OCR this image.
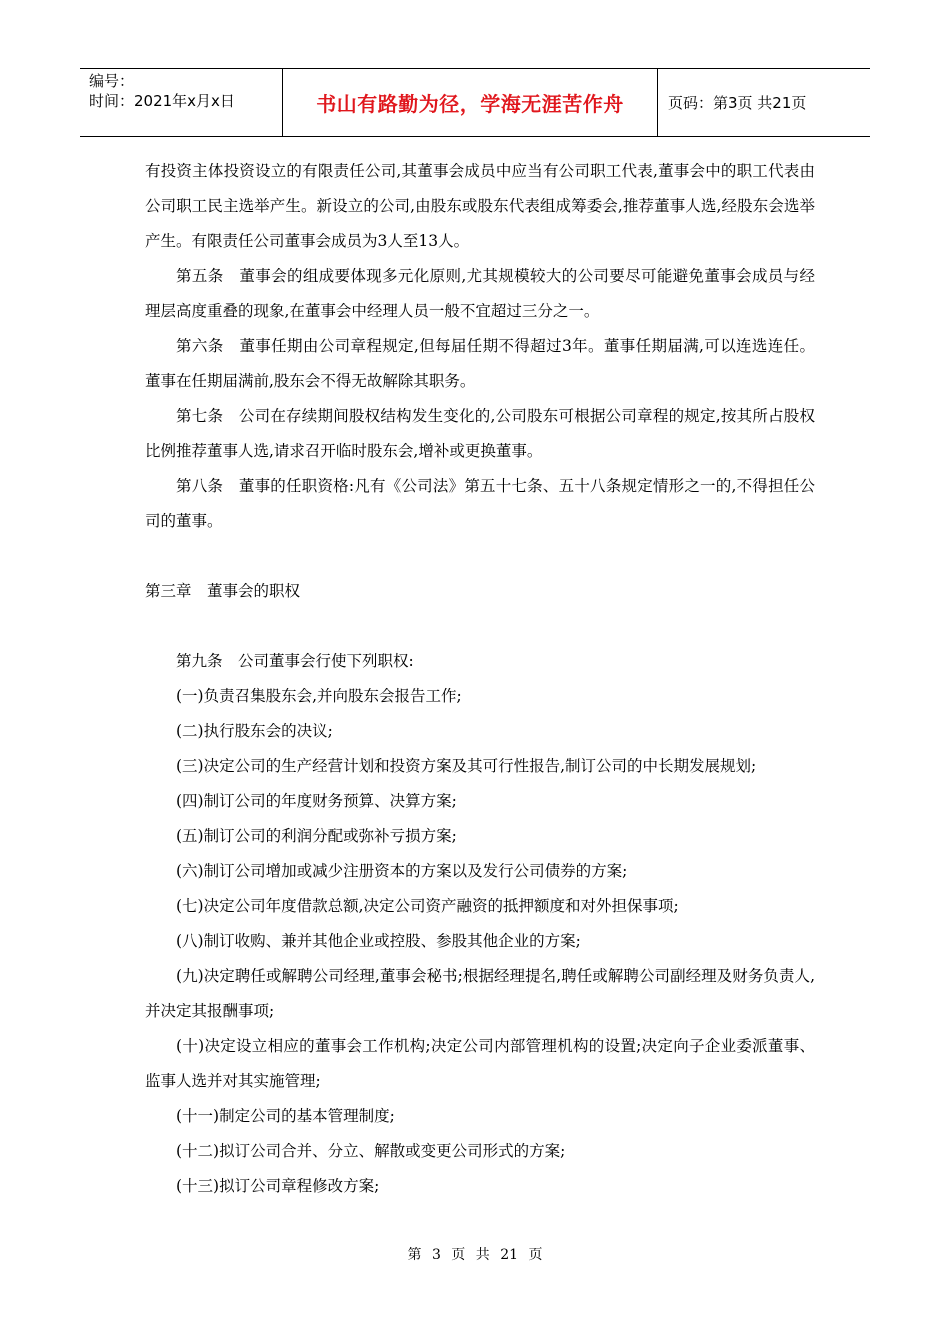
编号：
时间：2021年x月x日	书山有路勤为径，学海无涯苦作舟	页码：第3页 共21页

有投资主体投资设立的有限责任公司,其董事会成员中应当有公司职工代表,董事会中的职工代表由公司职工民主选举产生。新设立的公司,由股东或股东代表组成筹委会,推荐董事人选,经股东会选举产生。有限责任公司董事会成员为3人至13人。

第五条　董事会的组成要体现多元化原则,尤其规模较大的公司要尽可能避免董事会成员与经理层高度重叠的现象,在董事会中经理人员一般不宜超过三分之一。

第六条　董事任期由公司章程规定,但每届任期不得超过3年。董事任期届满,可以连选连任。董事在任期届满前,股东会不得无故解除其职务。

第七条　公司在存续期间股权结构发生变化的,公司股东可根据公司章程的规定,按其所占股权比例推荐董事人选,请求召开临时股东会,增补或更换董事。

第八条　董事的任职资格:凡有《公司法》第五十七条、五十八条规定情形之一的,不得担任公司的董事。

第三章　董事会的职权

第九条　公司董事会行使下列职权:

(一)负责召集股东会,并向股东会报告工作;

(二)执行股东会的决议;

(三)决定公司的生产经营计划和投资方案及其可行性报告,制订公司的中长期发展规划;

(四)制订公司的年度财务预算、决算方案;

(五)制订公司的利润分配或弥补亏损方案;

(六)制订公司增加或减少注册资本的方案以及发行公司债券的方案;

(七)决定公司年度借款总额,决定公司资产融资的抵押额度和对外担保事项;

(八)制订收购、兼并其他企业或控股、参股其他企业的方案;

(九)决定聘任或解聘公司经理,董事会秘书;根据经理提名,聘任或解聘公司副经理及财务负责人,并决定其报酬事项;

(十)决定设立相应的董事会工作机构;决定公司内部管理机构的设置;决定向子企业委派董事、监事人选并对其实施管理;

(十一)制定公司的基本管理制度;

(十二)拟订公司合并、分立、解散或变更公司形式的方案;

(十三)拟订公司章程修改方案;

第 3 页 共 21 页
